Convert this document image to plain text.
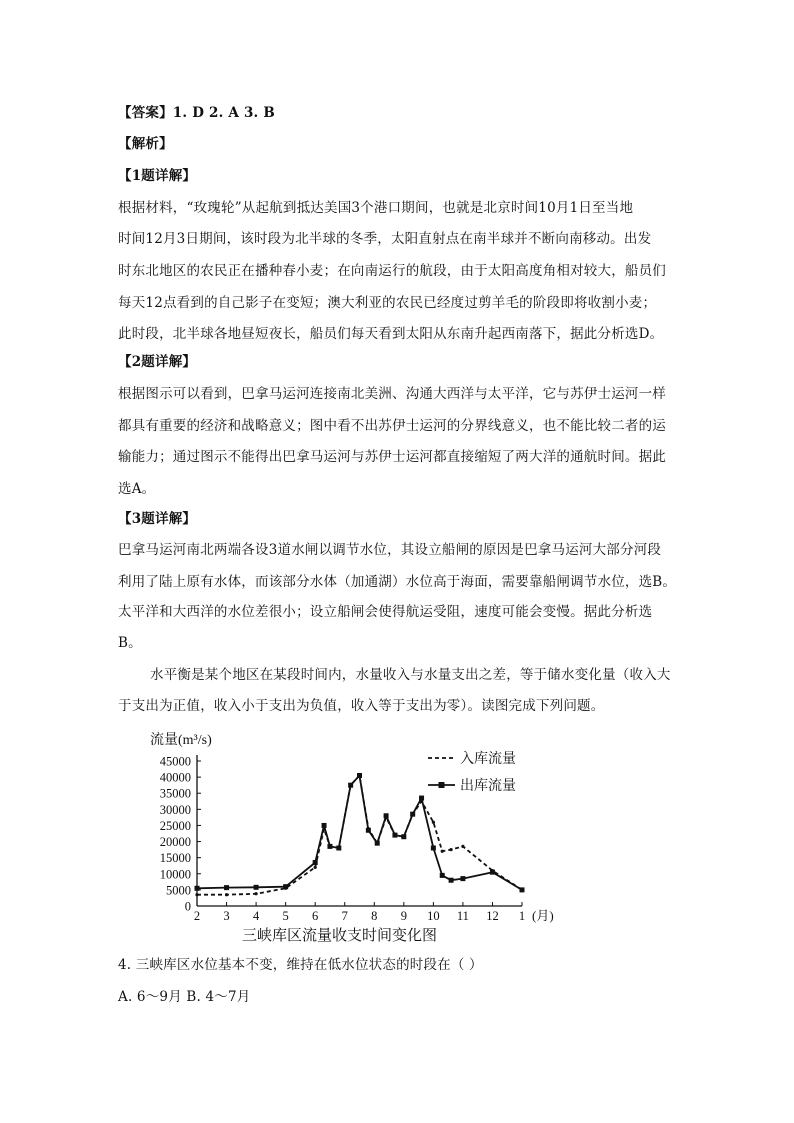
【答案】1. D 2. A 3. B
【解析】
【1题详解】
根据材料，“玫瑰轮”从起航到抵达美国3个港口期间，也就是北京时间10月1日至当地
时间12月3日期间，该时段为北半球的冬季，太阳直射点在南半球并不断向南移动。出发
时东北地区的农民正在播种春小麦；在向南运行的航段，由于太阳高度角相对较大，船员们
每天12点看到的自己影子在变短；澳大利亚的农民已经度过剪羊毛的阶段即将收割小麦；
此时段，北半球各地昼短夜长，船员们每天看到太阳从东南升起西南落下，据此分析选D。
【2题详解】
根据图示可以看到，巴拿马运河连接南北美洲、沟通大西洋与太平洋，它与苏伊士运河一样
都具有重要的经济和战略意义；图中看不出苏伊士运河的分界线意义，也不能比较二者的运
输能力；通过图示不能得出巴拿马运河与苏伊士运河都直接缩短了两大洋的通航时间。据此
选A。
【3题详解】
巴拿马运河南北两端各设3道水闸以调节水位，其设立船闸的原因是巴拿马运河大部分河段
利用了陆上原有水体，而该部分水体（加通湖）水位高于海面，需要靠船闸调节水位，选B。
太平洋和大西洋的水位差很小；设立船闸会使得航运受阻，速度可能会变慢。据此分析选
B。
水平衡是某个地区在某段时间内，水量收入与水量支出之差，等于储水变化量（收入大
于支出为正值，收入小于支出为负值，收入等于支出为零）。读图完成下列问题。
流量(m³/s)
0
5000
10000
15000
20000
25000
30000
35000
40000
45000
2 3 4 5 6 7 8 9 10 11 12 1
入库流量
出库流量
(月)
三峡库区流量收支时间变化图
4. 三峡库区水位基本不变，维持在低水位状态的时段在（ ）
A. 6～9月 B. 4～7月
